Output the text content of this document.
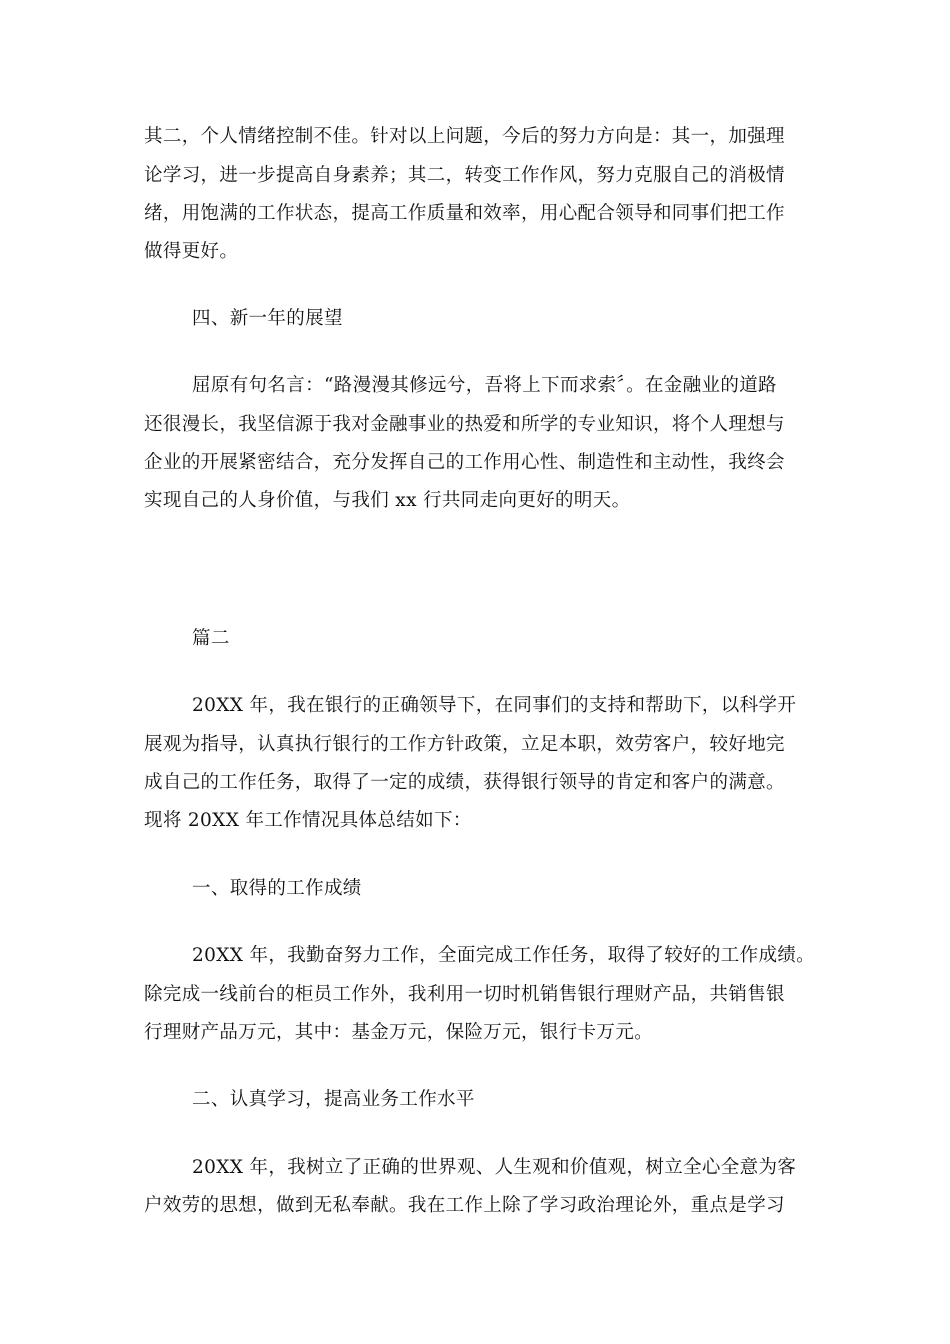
其二，个人情绪控制不佳。针对以上问题，今后的努力方向是：其一，加强理
论学习，进一步提高自身素养；其二，转变工作作风，努力克服自己的消极情
绪，用饱满的工作状态，提高工作质量和效率，用心配合领导和同事们把工作
做得更好。
四、新一年的展望
屈原有句名言：“路漫漫其修远兮，吾将上下而求索〞。在金融业的道路
还很漫长，我坚信源于我对金融事业的热爱和所学的专业知识，将个人理想与
企业的开展紧密结合，充分发挥自己的工作用心性、制造性和主动性，我终会
实现自己的人身价值，与我们 xx 行共同走向更好的明天。
篇二
20XX 年，我在银行的正确领导下，在同事们的支持和帮助下，以科学开
展观为指导，认真执行银行的工作方针政策，立足本职，效劳客户，较好地完
成自己的工作任务，取得了一定的成绩，获得银行领导的肯定和客户的满意。
现将 20XX 年工作情况具体总结如下：
一、取得的工作成绩
20XX 年，我勤奋努力工作，全面完成工作任务，取得了较好的工作成绩。
除完成一线前台的柜员工作外，我利用一切时机销售银行理财产品，共销售银
行理财产品万元，其中：基金万元，保险万元，银行卡万元。
二、认真学习，提高业务工作水平
20XX 年，我树立了正确的世界观、人生观和价值观，树立全心全意为客
户效劳的思想，做到无私奉献。我在工作上除了学习政治理论外，重点是学习
